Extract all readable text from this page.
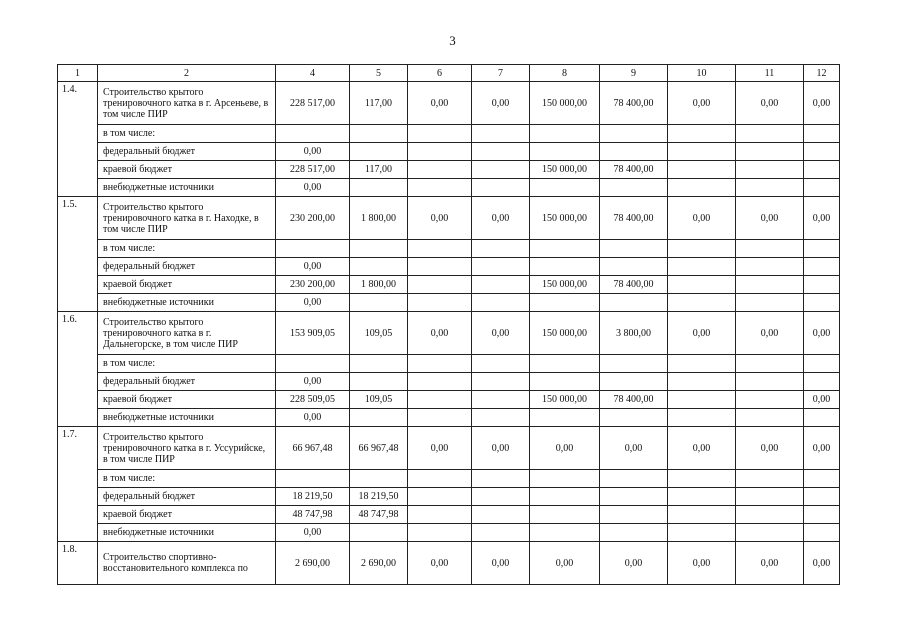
3
1	2	4	5	6	7	8	9	10	11	12
1.4.	Строительство крытого тренировочного катка в г. Арсеньеве, в том числе ПИР	228 517,00	117,00	0,00	0,00	150 000,00	78 400,00	0,00	0,00	0,00
	в том числе:									
	федеральный бюджет	0,00								
	краевой бюджет	228 517,00	117,00			150 000,00	78 400,00			
	внебюджетные источники	0,00								
1.5.	Строительство крытого тренировочного катка в г. Находке, в том числе ПИР	230 200,00	1 800,00	0,00	0,00	150 000,00	78 400,00	0,00	0,00	0,00
	в том числе:									
	федеральный бюджет	0,00								
	краевой бюджет	230 200,00	1 800,00			150 000,00	78 400,00			
	внебюджетные источники	0,00								
1.6.	Строительство крытого тренировочного катка в г. Дальнегорске, в том числе ПИР	153 909,05	109,05	0,00	0,00	150 000,00	3 800,00	0,00	0,00	0,00
	в том числе:									
	федеральный бюджет	0,00								
	краевой бюджет	228 509,05	109,05			150 000,00	78 400,00			0,00
	внебюджетные источники	0,00								
1.7.	Строительство крытого тренировочного катка в г. Уссурийске, в том числе ПИР	66 967,48	66 967,48	0,00	0,00	0,00	0,00	0,00	0,00	0,00
	в том числе:									
	федеральный бюджет	18 219,50	18 219,50							
	краевой бюджет	48 747,98	48 747,98							
	внебюджетные источники	0,00								
1.8.	Строительство спортивно-восстановительного комплекса по	2 690,00	2 690,00	0,00	0,00	0,00	0,00	0,00	0,00	0,00
